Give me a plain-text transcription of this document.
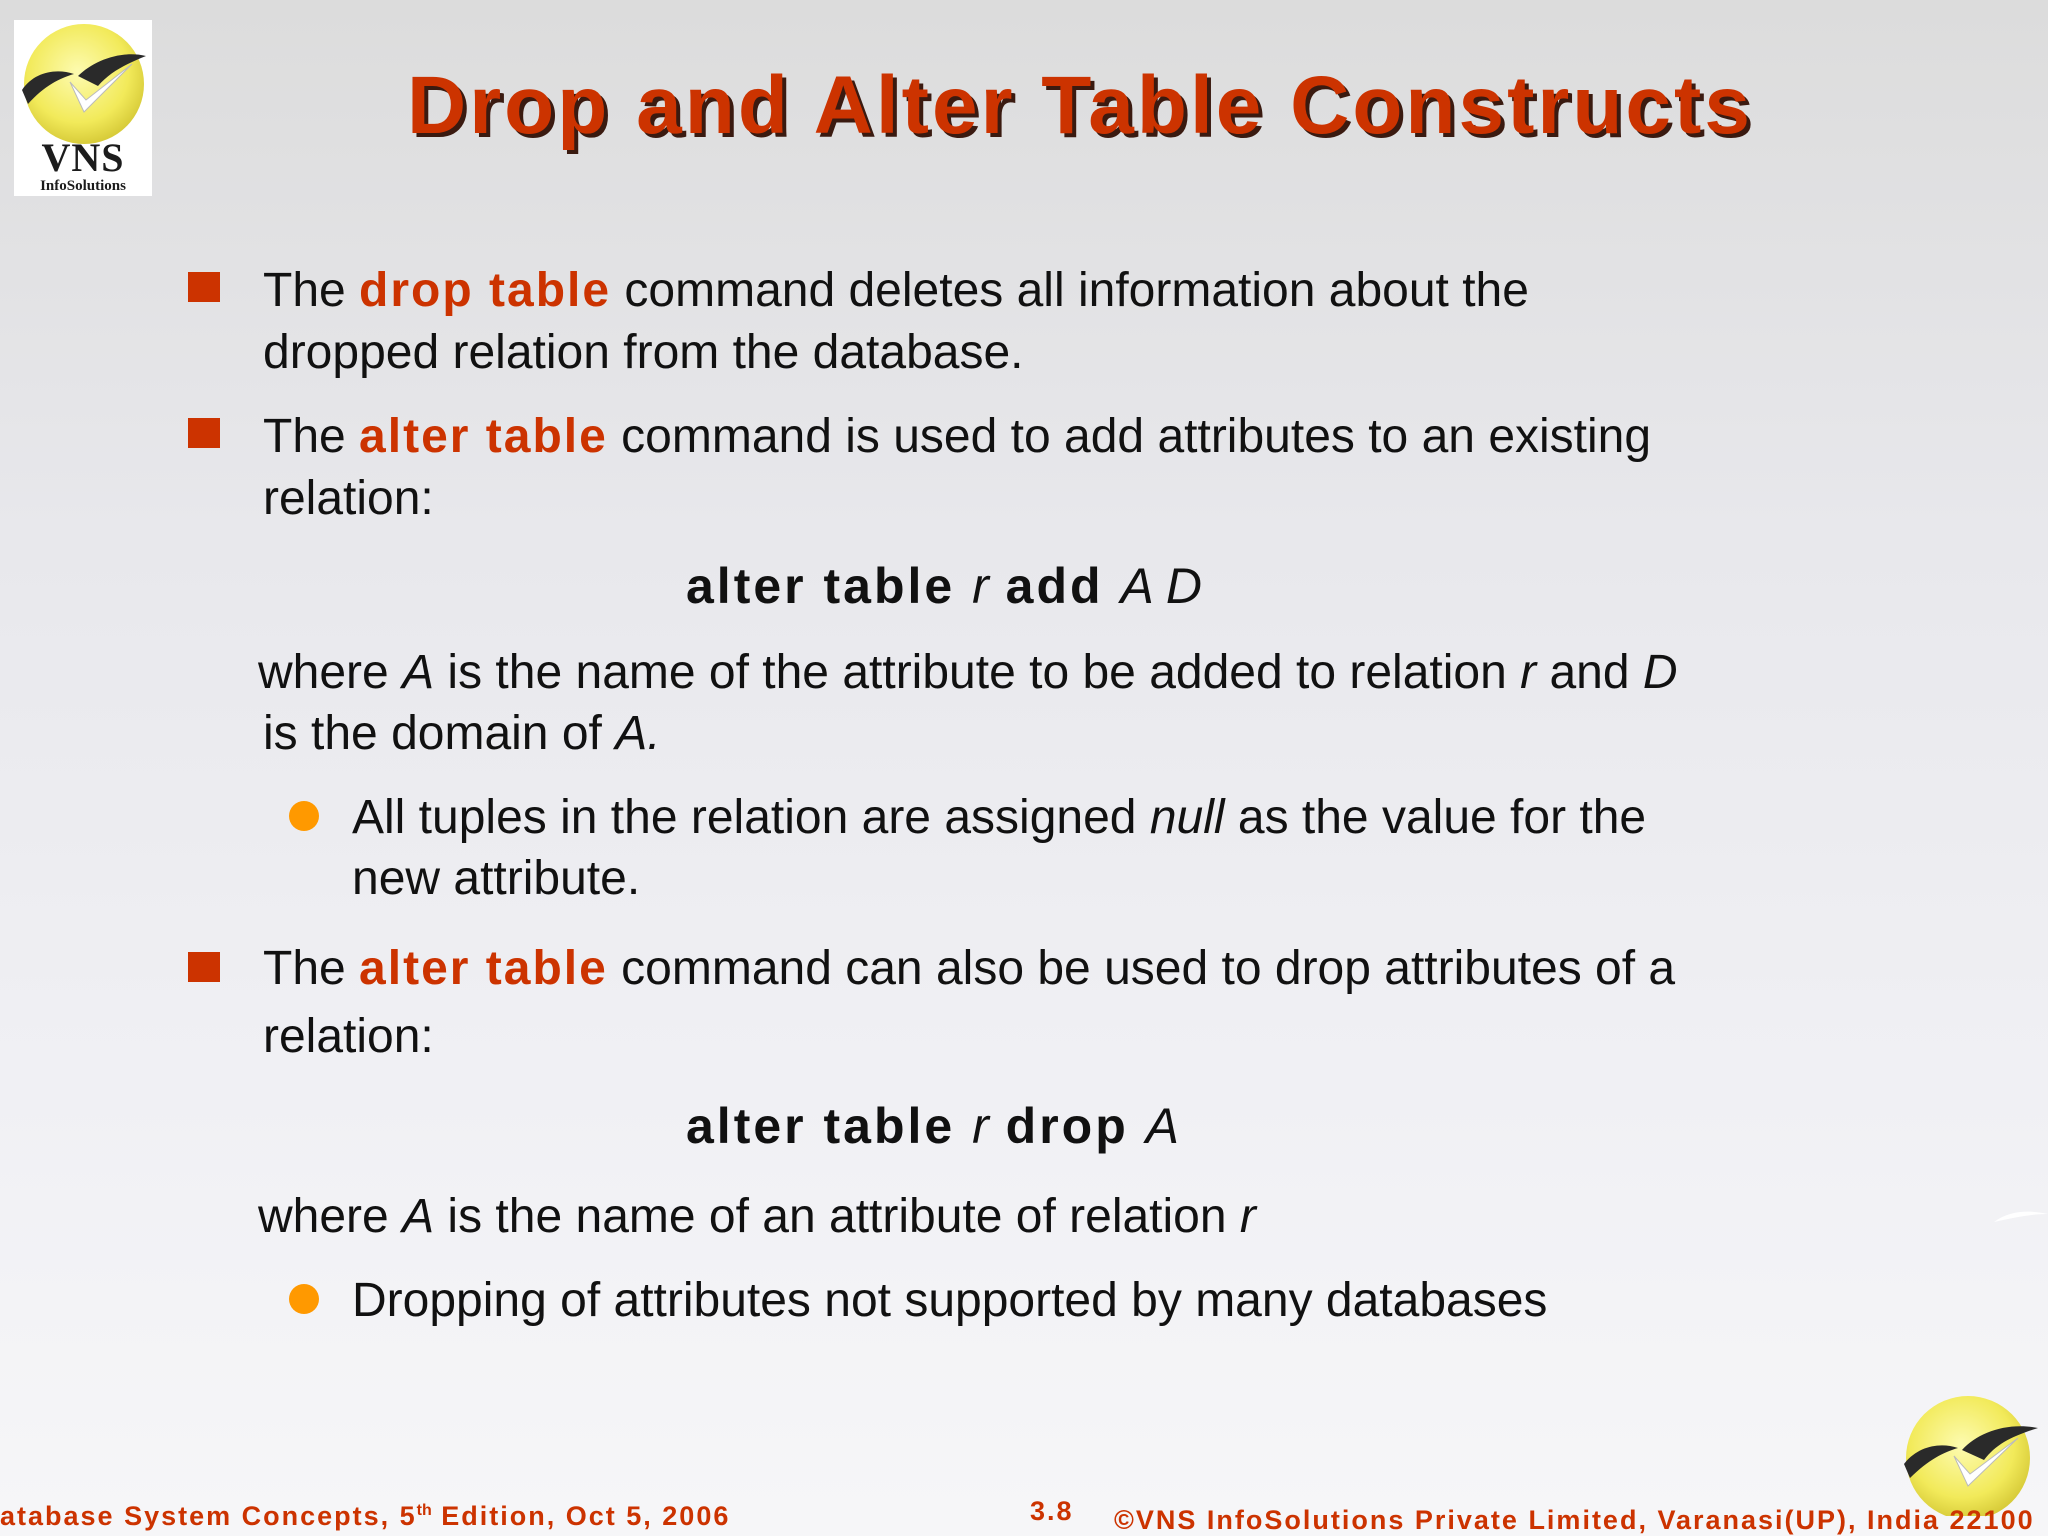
VNS
InfoSolutions
Drop and Alter Table Constructs
The drop table command deletes all information about the
dropped relation from the database.
The alter table command is used to add attributes to an existing
relation:
alter table r add A D
where A is the name of the attribute to be added to relation r and D
is the domain of A.
All tuples in the relation are assigned null as the value for the
new attribute.
The alter table command can also be used to drop attributes of a
relation:
alter table r drop A
where A is the name of an attribute of relation r
Dropping of attributes not supported by many databases
atabase System Concepts, 5th Edition, Oct 5, 2006	3.8 ©VNS InfoSolutions Private Limited, Varanasi(UP), India 22100
